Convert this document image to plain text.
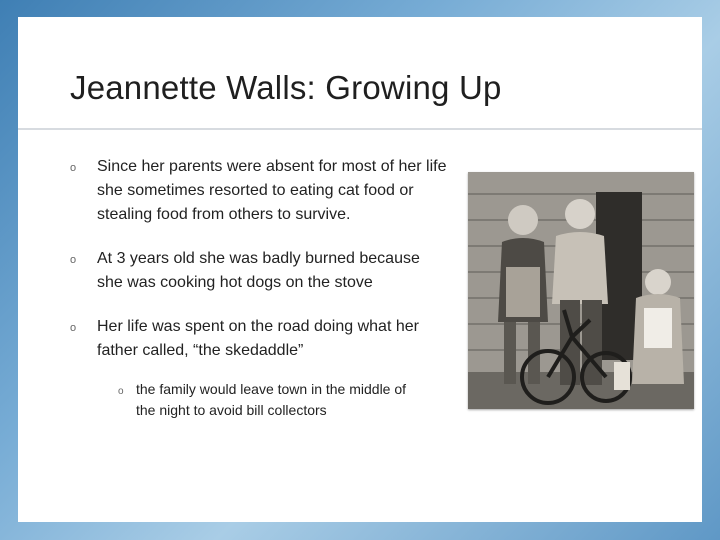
Jeannette Walls: Growing Up
o Since her parents were absent for most of her life she sometimes resorted to eating cat food or stealing food from others to survive.
o At 3 years old she was badly burned because she was cooking hot dogs on the stove
o Her life was spent on the road doing what her father called, “the skedaddle”
o the family would leave town in the middle of the night to avoid bill collectors
